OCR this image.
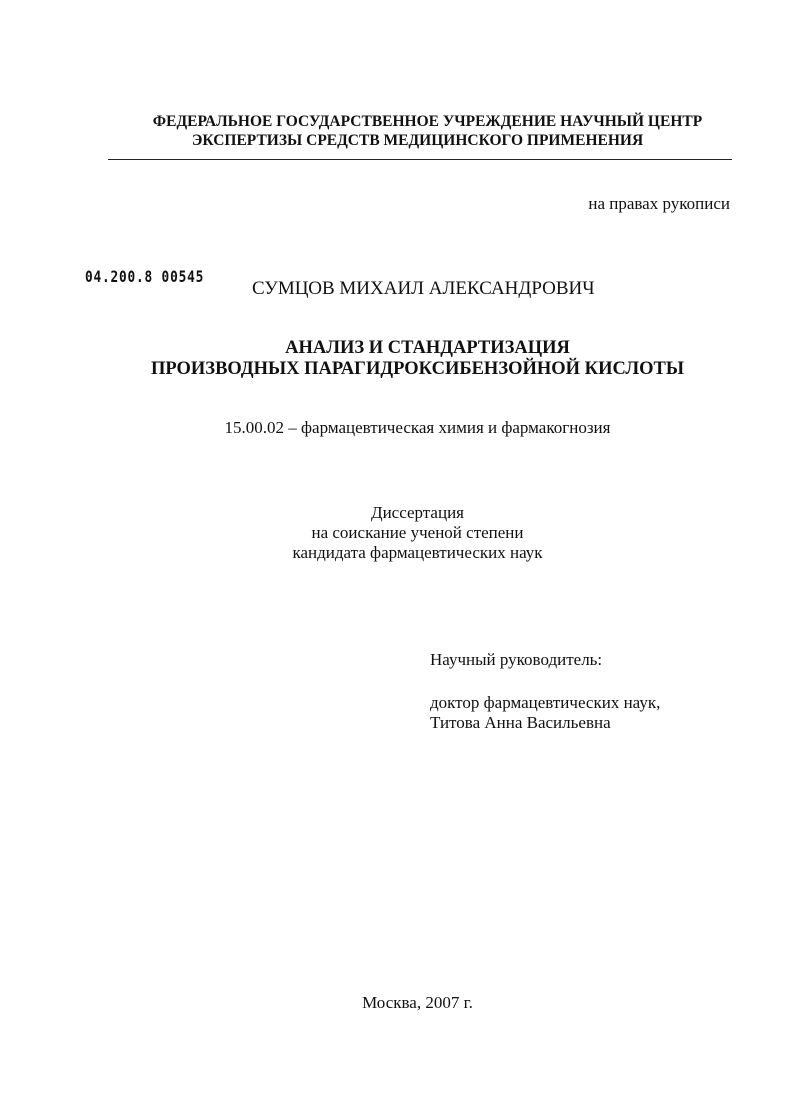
ФЕДЕРАЛЬНОЕ ГОСУДАРСТВЕННОЕ УЧРЕЖДЕНИЕ НАУЧНЫЙ ЦЕНТР
ЭКСПЕРТИЗЫ СРЕДСТВ МЕДИЦИНСКОГО ПРИМЕНЕНИЯ
на правах рукописи
04.200.8 00545
СУМЦОВ МИХАИЛ АЛЕКСАНДРОВИЧ
АНАЛИЗ И СТАНДАРТИЗАЦИЯ
ПРОИЗВОДНЫХ ПАРАГИДРОКСИБЕНЗОЙНОЙ КИСЛОТЫ
15.00.02 – фармацевтическая химия и фармакогнозия
Диссертация
на соискание ученой степени
кандидата фармацевтических наук
Научный руководитель:
доктор фармацевтических наук,
Титова Анна Васильевна
Москва, 2007 г.
